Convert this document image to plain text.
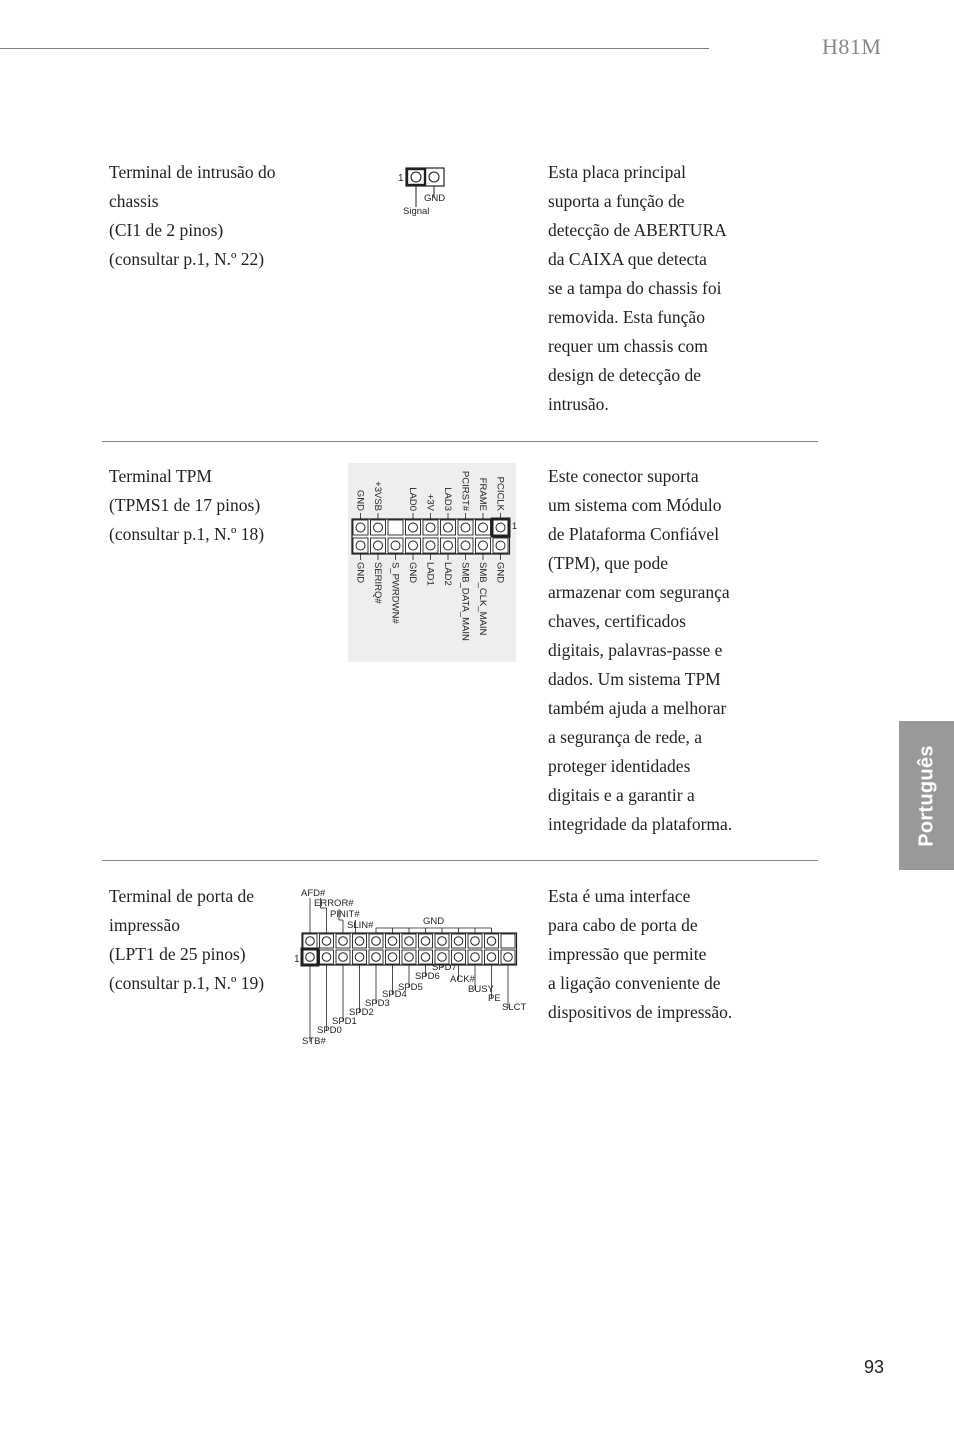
H81M
Português

Terminal de intrusão do
chassis
(CI1 de 2 pinos)
(consultar p.1, N.º 22)

1
GND
Signal

Esta placa principal
suporta a função de
detecção de ABERTURA
da CAIXA que detecta
se a tampa do chassis foi
removida. Esta função
requer um chassis com
design de detecção de
intrusão.

Terminal TPM
(TPMS1 de 17 pinos)
(consultar p.1, N.º 18)

GND +3VSB	LAD0 +3V LAD3 PCIRST# FRAME PCICLK
GND SERIRQ# S_PWRDWN# GND LAD1 LAD2 SMB_DATA_MAIN SMB_CLK_MAIN GND
1

Este conector suporta
um sistema com Módulo
de Plataforma Confiável
(TPM), que pode
armazenar com segurança
chaves, certificados
digitais, palavras-passe e
dados. Um sistema TPM
também ajuda a melhorar
a segurança de rede, a
proteger identidades
digitais e a garantir a
integridade da plataforma.

Terminal de porta de
impressão
(LPT1 de 25 pinos)
(consultar p.1, N.º 19)

AFD#
ERROR#
PINIT#
SLIN#	GND
STB#
SPD0
SPD1
SPD2
SPD3
SPD4
SPD5
SPD6
SPD7
ACK#
BUSY
PE
SLCT
1

Esta é uma interface
para cabo de porta de
impressão que permite
a ligação conveniente de
dispositivos de impressão.

93
